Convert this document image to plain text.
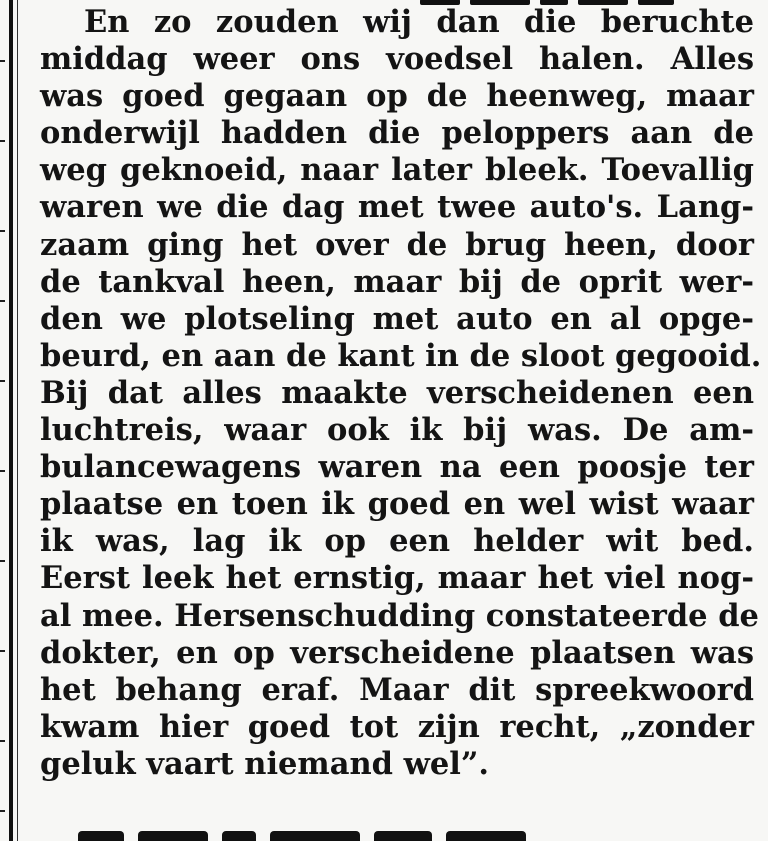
En zo zouden wij dan die beruchte
middag weer ons voedsel halen. Alles
was goed gegaan op de heenweg, maar
onderwijl hadden die peloppers aan de
weg geknoeid, naar later bleek. Toevallig
waren we die dag met twee auto's. Lang-
zaam ging het over de brug heen, door
de tankval heen, maar bij de oprit wer-
den we plotseling met auto en al opge-
beurd, en aan de kant in de sloot gegooid.
Bij dat alles maakte verscheidenen een
luchtreis, waar ook ik bij was. De am-
bulancewagens waren na een poosje ter
plaatse en toen ik goed en wel wist waar
ik was, lag ik op een helder wit bed.
Eerst leek het ernstig, maar het viel nog-
al mee. Hersenschudding constateerde de
dokter, en op verscheidene plaatsen was
het behang eraf. Maar dit spreekwoord
kwam hier goed tot zijn recht, „zonder
geluk vaart niemand wel”.
